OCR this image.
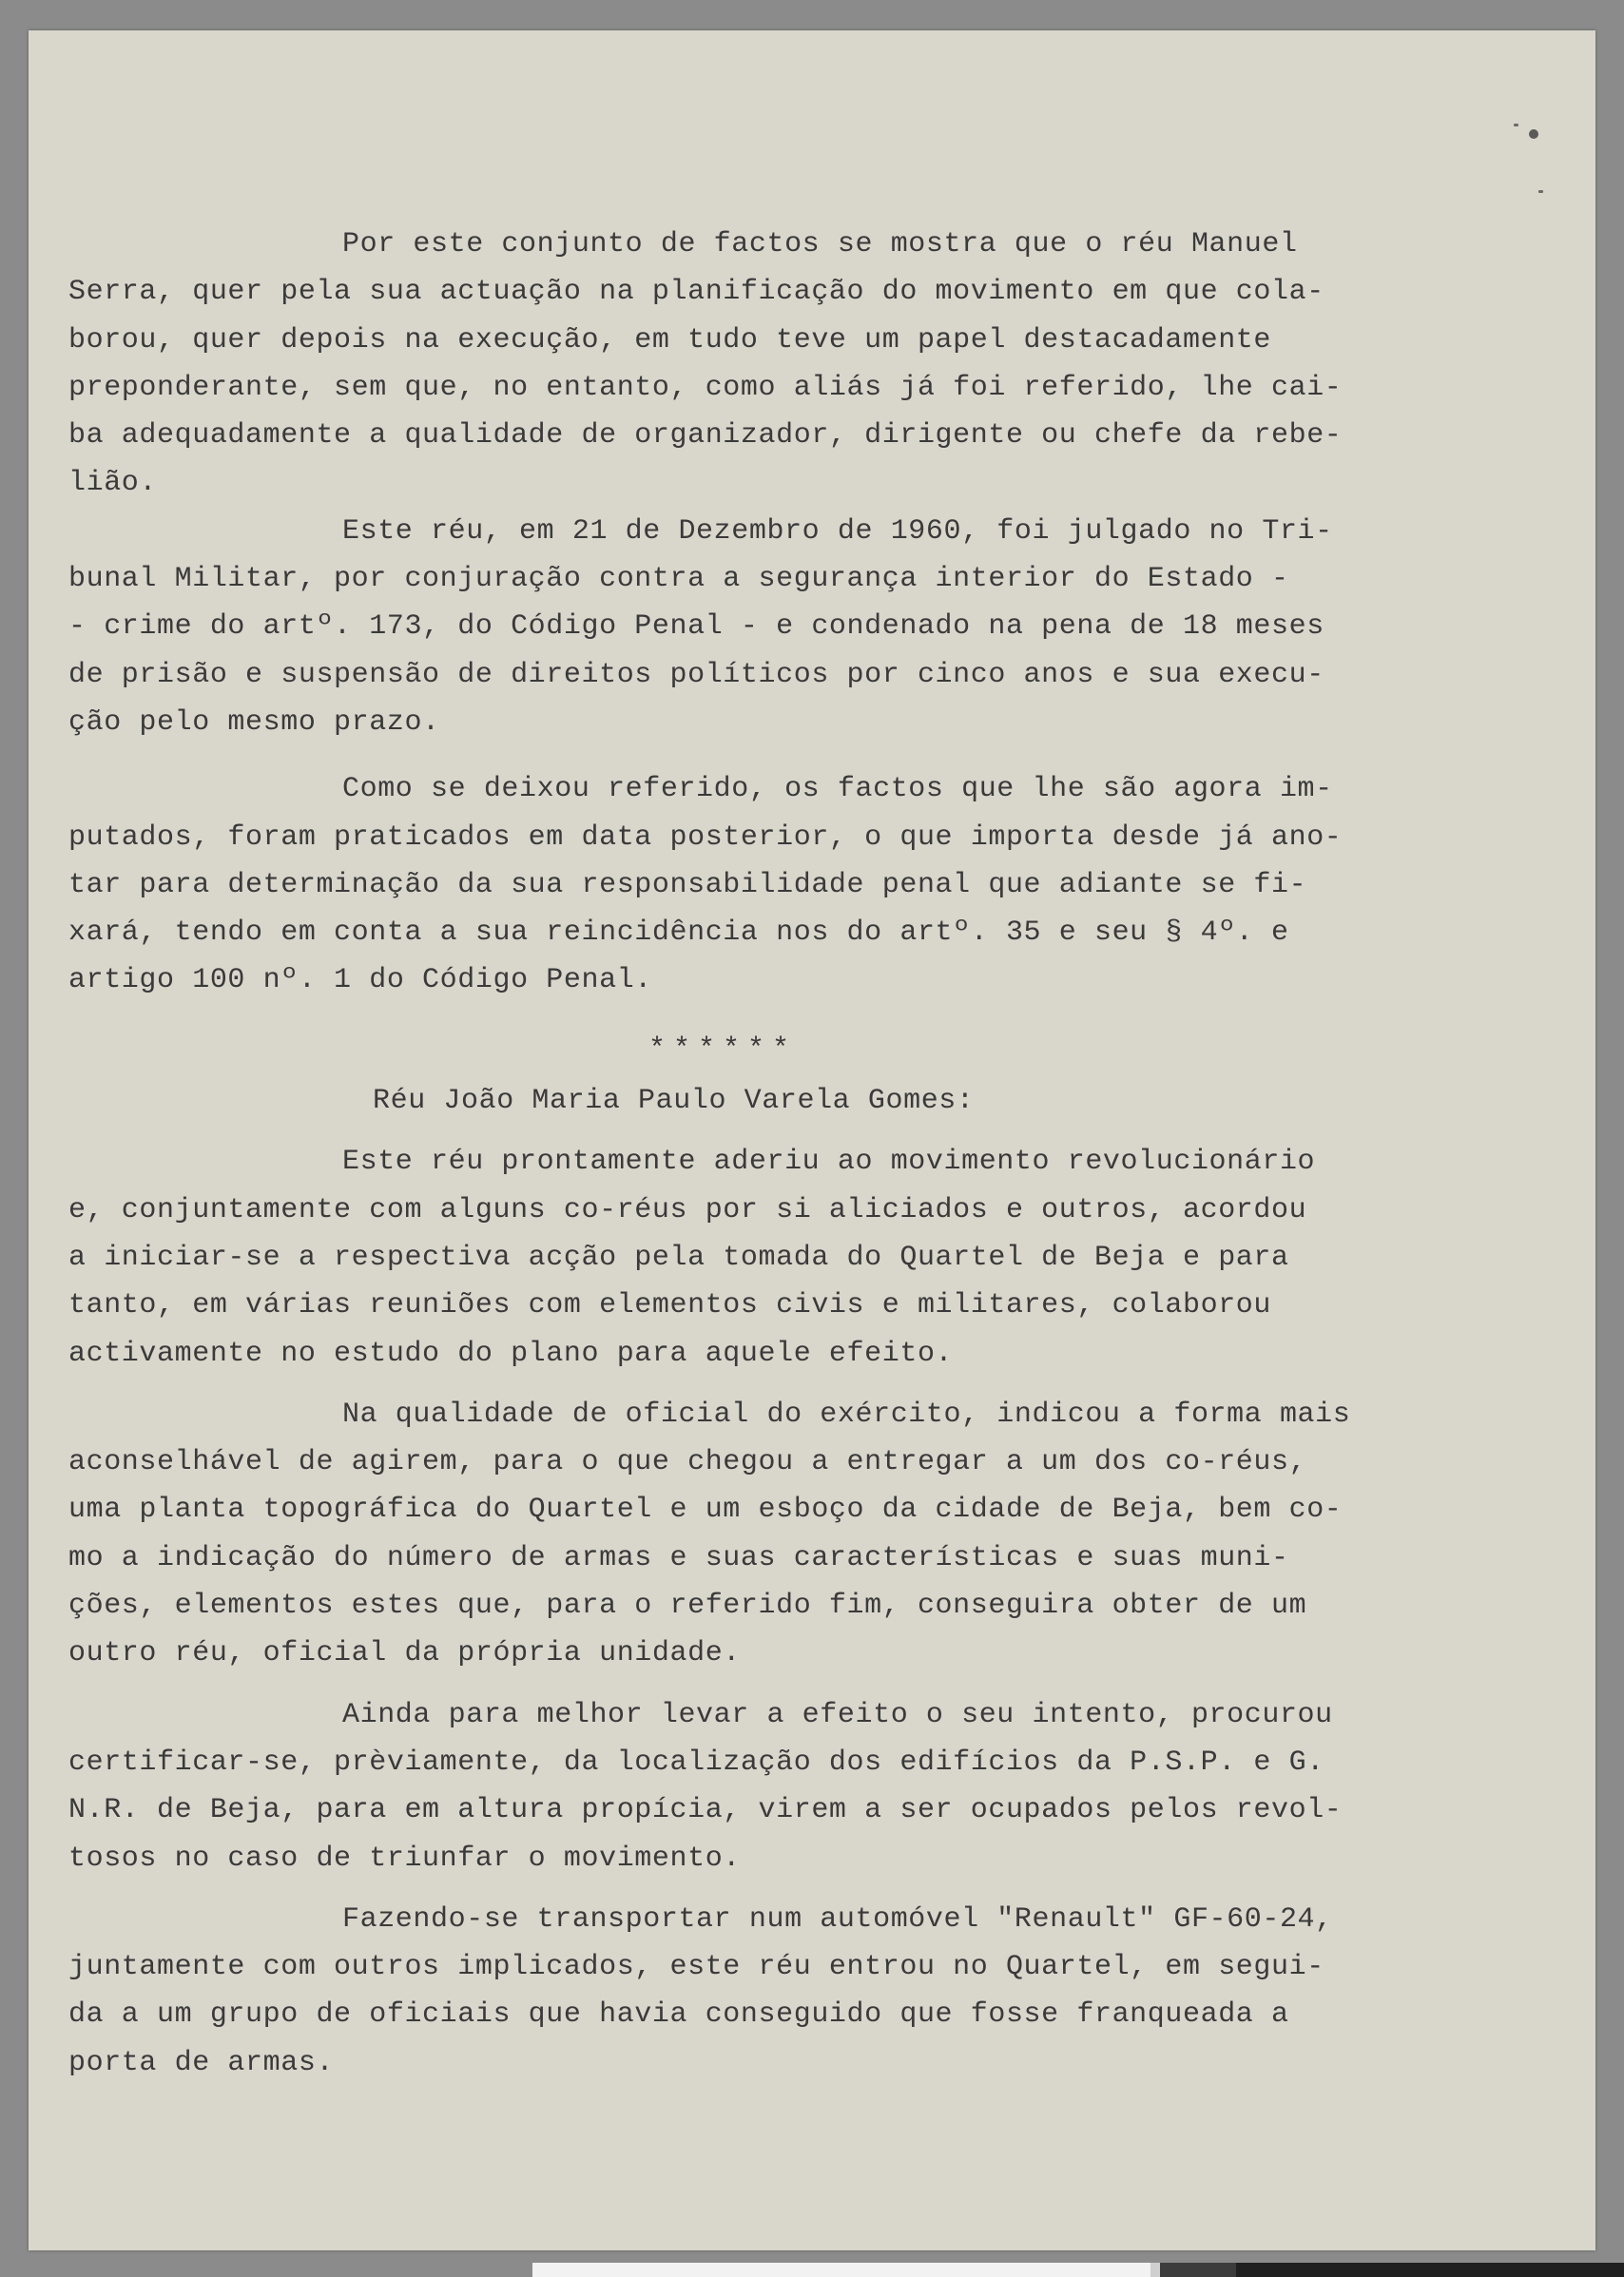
Por este conjunto de factos se mostra que o réu Manuel
Serra, quer pela sua actuação na planificação do movimento em que cola-
borou, quer depois na execução, em tudo teve um papel destacadamente
preponderante, sem que, no entanto, como aliás já foi referido, lhe cai-
ba adequadamente a qualidade de organizador, dirigente ou chefe da rebe-
lião.
Este réu, em 21 de Dezembro de 1960, foi julgado no Tri-
bunal Militar, por conjuração contra a segurança interior do Estado -
- crime do artº. 173, do Código Penal - e condenado na pena de 18 meses
de prisão e suspensão de direitos políticos por cinco anos e sua execu-
ção pelo mesmo prazo.
Como se deixou referido, os factos que lhe são agora im-
putados, foram praticados em data posterior, o que importa desde já ano-
tar para determinação da sua responsabilidade penal que adiante se fi-
xará, tendo em conta a sua reincidência nos do artº. 35 e seu § 4º. e
artigo 100 nº. 1 do Código Penal.
******
Réu João Maria Paulo Varela Gomes:
Este réu prontamente aderiu ao movimento revolucionário
e, conjuntamente com alguns co-réus por si aliciados e outros, acordou
a iniciar-se a respectiva acção pela tomada do Quartel de Beja e para
tanto, em várias reuniões com elementos civis e militares, colaborou
activamente no estudo do plano para aquele efeito.
Na qualidade de oficial do exército, indicou a forma mais
aconselhável de agirem, para o que chegou a entregar a um dos co-réus,
uma planta topográfica do Quartel e um esboço da cidade de Beja, bem co-
mo a indicação do número de armas e suas características e suas muni-
ções, elementos estes que, para o referido fim, conseguira obter de um
outro réu, oficial da própria unidade.
Ainda para melhor levar a efeito o seu intento, procurou
certificar-se, prèviamente, da localização dos edifícios da P.S.P. e G.
N.R. de Beja, para em altura propícia, virem a ser ocupados pelos revol-
tosos no caso de triunfar o movimento.
Fazendo-se transportar num automóvel "Renault" GF-60-24,
juntamente com outros implicados, este réu entrou no Quartel, em segui-
da a um grupo de oficiais que havia conseguido que fosse franqueada a
porta de armas.
